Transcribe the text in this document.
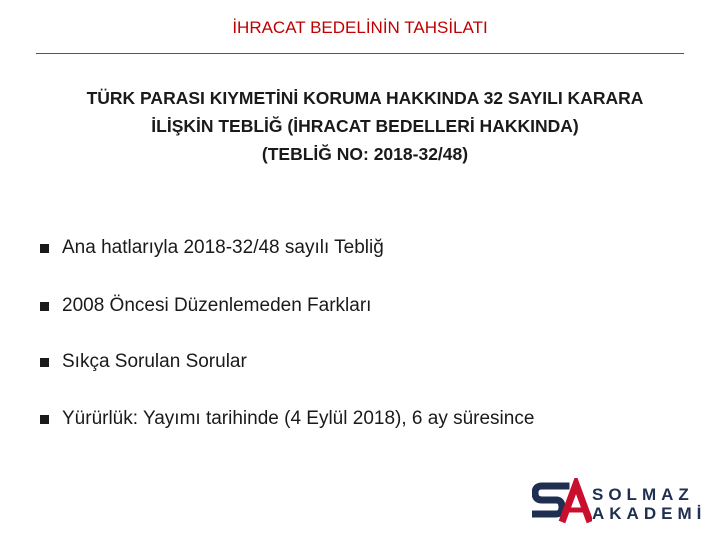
İHRACAT BEDELİNİN TAHSİLATI
TÜRK PARASI KIYMETİNİ KORUMA HAKKINDA 32 SAYILI KARARA
İLİŞKİN TEBLİĞ (İHRACAT BEDELLERİ HAKKINDA)
(TEBLİĞ NO: 2018-32/48)
Ana hatlarıyla 2018-32/48 sayılı Tebliğ
2008 Öncesi Düzenlemeden Farkları
Sıkça Sorulan Sorular
Yürürlük: Yayımı tarihinde (4 Eylül 2018), 6 ay süresince
SOLMAZ
AKADEMİ
